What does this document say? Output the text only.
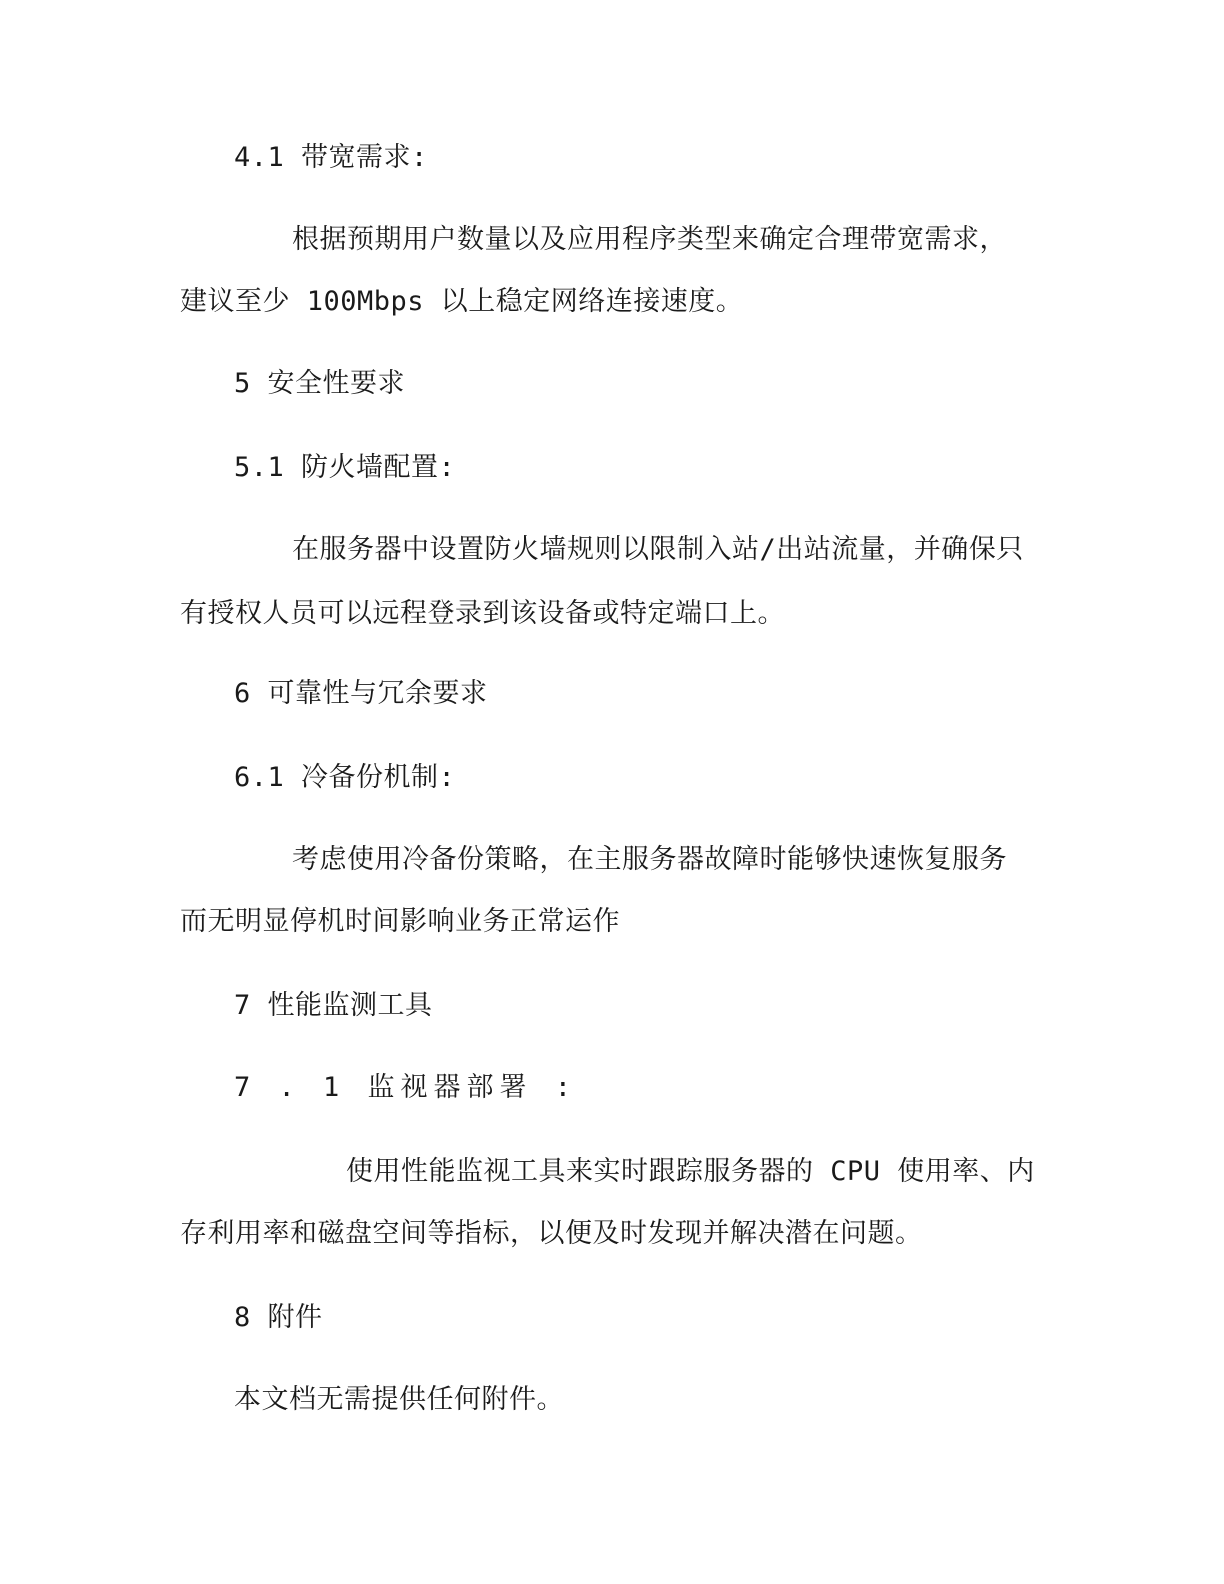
4.1 带宽需求:
根据预期用户数量以及应用程序类型来确定合理带宽需求，
建议至少 100Mbps 以上稳定网络连接速度。
5 安全性要求
5.1 防火墙配置:
在服务器中设置防火墙规则以限制入站/出站流量，并确保只
有授权人员可以远程登录到该设备或特定端口上。
6 可靠性与冗余要求
6.1 冷备份机制:
考虑使用冷备份策略，在主服务器故障时能够快速恢复服务
而无明显停机时间影响业务正常运作
7 性能监测工具
7 . 1 监视器部署 :
使用性能监视工具来实时跟踪服务器的 CPU 使用率、内
存利用率和磁盘空间等指标，以便及时发现并解决潜在问题。
8 附件
本文档无需提供任何附件。
